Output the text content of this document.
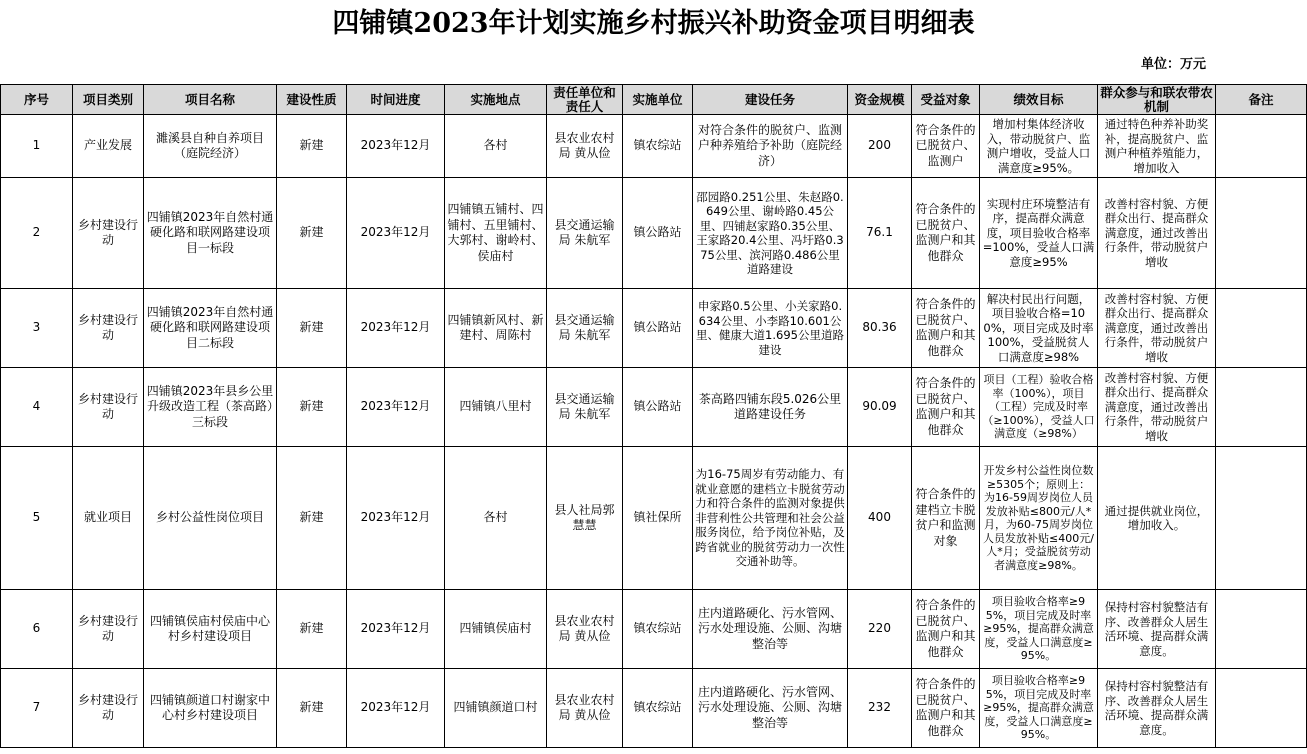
四铺镇2023年计划实施乡村振兴补助资金项目明细表
单位：万元
序号	项目类别	项目名称	建设性质	时间进度	实施地点	责任单位和责任人	实施单位	建设任务	资金规模	受益对象	绩效目标	群众参与和联农带农机制	备注
1	产业发展	濉溪县自种自养项目（庭院经济）	新建	2023年12月	各村	县农业农村局 黄从俭	镇农综站	对符合条件的脱贫户、监测户种养殖给予补助（庭院经济）	200	符合条件的已脱贫户、监测户	增加村集体经济收入，带动脱贫户、监测户增收，受益人口满意度≥95%。	通过特色种养补助奖补，提高脱贫户、监测户种植养殖能力，增加收入	
2	乡村建设行动	四铺镇2023年自然村通硬化路和联网路建设项目一标段	新建	2023年12月	四铺镇五铺村、四铺村、五里铺村、大郭村、谢岭村、侯庙村	县交通运输局 朱航军	镇公路站	邵园路0.251公里、朱赵路0.649公里、谢岭路0.45公里、四铺赵家路0.35公里、王家路20.4公里、冯圩路0.375公里、滨河路0.486公里道路建设	76.1	符合条件的已脱贫户、监测户和其他群众	实现村庄环境整洁有序，提高群众满意度，项目验收合格率=100%，受益人口满意度≥95%	改善村容村貌、方便群众出行、提高群众满意度，通过改善出行条件，带动脱贫户增收	
3	乡村建设行动	四铺镇2023年自然村通硬化路和联网路建设项目二标段	新建	2023年12月	四铺镇新风村、新建村、周陈村	县交通运输局 朱航军	镇公路站	申家路0.5公里、小关家路0.634公里、小李路10.601公里、健康大道1.695公里道路建设	80.36	符合条件的已脱贫户、监测户和其他群众	解决村民出行问题，项目验收合格=100%，项目完成及时率100%，受益脱贫人口满意度≥98%	改善村容村貌、方便群众出行、提高群众满意度，通过改善出行条件，带动脱贫户增收	
4	乡村建设行动	四铺镇2023年县乡公里升级改造工程（茶高路）三标段	新建	2023年12月	四铺镇八里村	县交通运输局 朱航军	镇公路站	茶高路四铺东段5.026公里道路建设任务	90.09	符合条件的已脱贫户、监测户和其他群众	项目（工程）验收合格率（100%），项目（工程）完成及时率（≥100%），受益人口满意度（≥98%）	改善村容村貌、方便群众出行、提高群众满意度，通过改善出行条件，带动脱贫户增收	
5	就业项目	乡村公益性岗位项目	新建	2023年12月	各村	县人社局郭慧慧	镇社保所	为16-75周岁有劳动能力、有就业意愿的建档立卡脱贫劳动力和符合条件的监测对象提供非营利性公共管理和社会公益服务岗位，给予岗位补贴，及跨省就业的脱贫劳动力一次性交通补助等。	400	符合条件的建档立卡脱贫户和监测对象	开发乡村公益性岗位数≥5305个；原则上：为16-59周岁岗位人员发放补贴≤800元/人*月，为60-75周岁岗位人员发放补贴≤400元/人*月；受益脱贫劳动者满意度≥98%。	通过提供就业岗位，增加收入。	
6	乡村建设行动	四铺镇侯庙村侯庙中心村乡村建设项目	新建	2023年12月	四铺镇侯庙村	县农业农村局 黄从俭	镇农综站	庄内道路硬化、污水管网、污水处理设施、公厕、沟塘整治等	220	符合条件的已脱贫户、监测户和其他群众	项目验收合格率≥95%，项目完成及时率≥95%，提高群众满意度，受益人口满意度≥95%。	保持村容村貌整洁有序、改善群众人居生活环境、提高群众满意度。	
7	乡村建设行动	四铺镇颜道口村谢家中心村乡村建设项目	新建	2023年12月	四铺镇颜道口村	县农业农村局 黄从俭	镇农综站	庄内道路硬化、污水管网、污水处理设施、公厕、沟塘整治等	232	符合条件的已脱贫户、监测户和其他群众	项目验收合格率≥95%，项目完成及时率≥95%，提高群众满意度，受益人口满意度≥95%。	保持村容村貌整洁有序、改善群众人居生活环境、提高群众满意度。	
